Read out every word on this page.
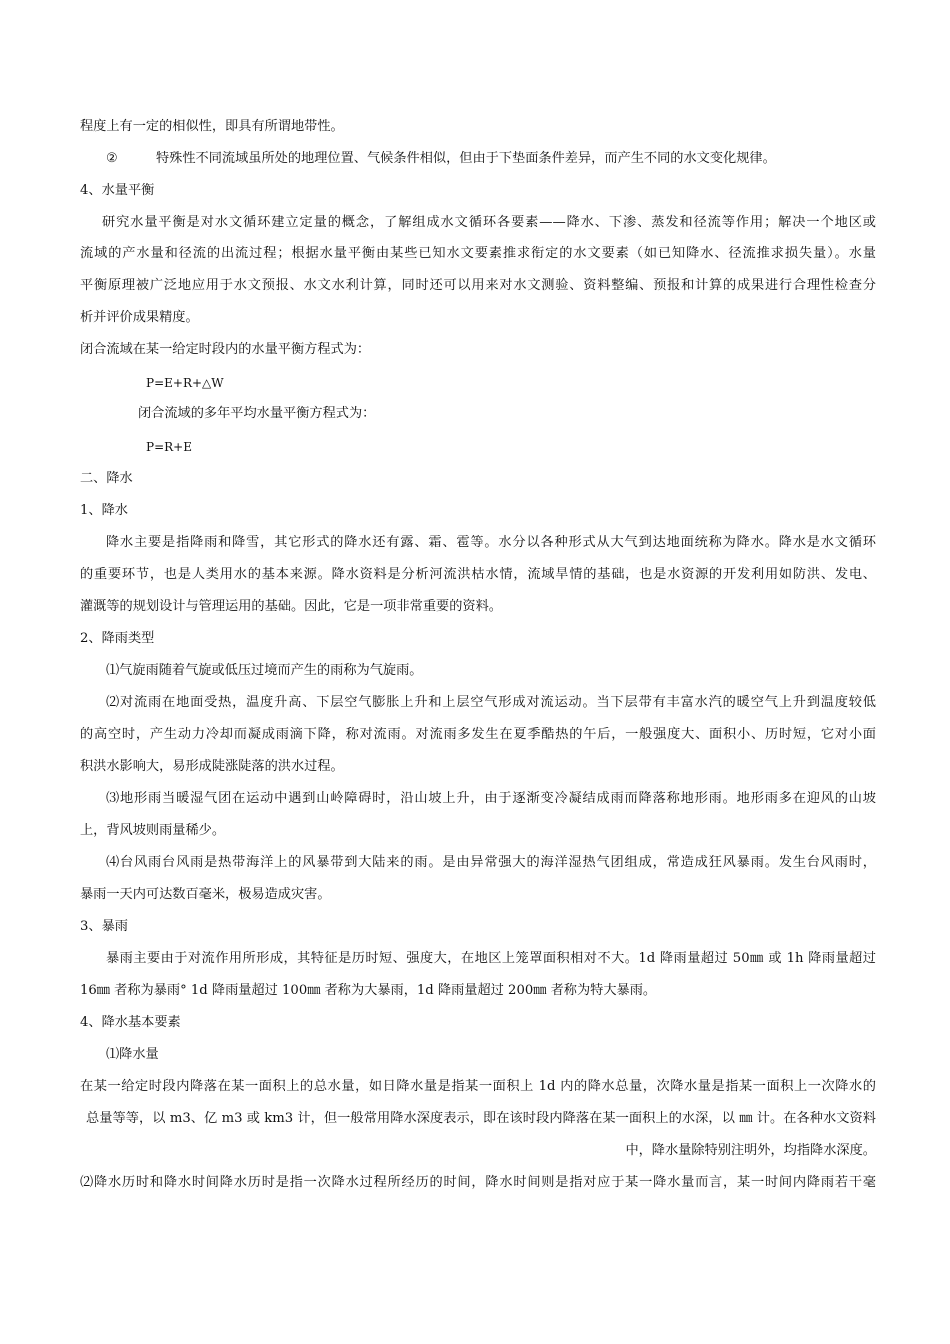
程度上有一定的相似性，即具有所谓地带性。
②	特殊性不同流域虽所处的地理位置、气候条件相似，但由于下垫面条件差异，而产生不同的水文变化规律。
4、水量平衡
研究水量平衡是对水文循环建立定量的概念，了解组成水文循环各要素——降水、下渗、蒸发和径流等作用；解决一个地区或
流域的产水量和径流的出流过程；根据水量平衡由某些已知水文要素推求衔定的水文要素（如已知降水、径流推求损失量）。水量
平衡原理被广泛地应用于水文预报、水文水利计算，同时还可以用来对水文测验、资料整编、预报和计算的成果进行合理性检查分
析并评价成果精度。
闭合流域在某一给定时段内的水量平衡方程式为：
P=E+R+△W
闭合流域的多年平均水量平衡方程式为：
P=R+E
二、降水
1、降水
降水主要是指降雨和降雪，其它形式的降水还有露、霜、雹等。水分以各种形式从大气到达地面统称为降水。降水是水文循环
的重要环节，也是人类用水的基本来源。降水资料是分析河流洪枯水情，流域旱情的基础，也是水资源的开发利用如防洪、发电、
灌溉等的规划设计与管理运用的基础。因此，它是一项非常重要的资料。
2、降雨类型
⑴气旋雨随着气旋或低压过境而产生的雨称为气旋雨。
⑵对流雨在地面受热，温度升高、下层空气膨胀上升和上层空气形成对流运动。当下层带有丰富水汽的暖空气上升到温度较低
的高空时，产生动力冷却而凝成雨滴下降，称对流雨。对流雨多发生在夏季酷热的午后，一般强度大、面积小、历时短，它对小面
积洪水影响大，易形成陡涨陡落的洪水过程。
⑶地形雨当暖湿气团在运动中遇到山岭障碍时，沿山坡上升，由于逐渐变冷凝结成雨而降落称地形雨。地形雨多在迎风的山坡
上，背风坡则雨量稀少。
⑷台风雨台风雨是热带海洋上的风暴带到大陆来的雨。是由异常强大的海洋湿热气团组成，常造成狂风暴雨。发生台风雨时，
暴雨一天内可达数百毫米，极易造成灾害。
3、暴雨
暴雨主要由于对流作用所形成，其特征是历时短、强度大，在地区上笼罩面积相对不大。1d 降雨量超过 50㎜ 或 1h 降雨量超过
16㎜ 者称为暴雨° 1d 降雨量超过 100㎜ 者称为大暴雨，1d 降雨量超过 200㎜ 者称为特大暴雨。
4、降水基本要素
⑴降水量
在某一给定时段内降落在某一面积上的总水量，如日降水量是指某一面积上 1d 内的降水总量，次降水量是指某一面积上一次降水的
总量等等，以 m3、亿 m3 或 km3 计，但一般常用降水深度表示，即在该时段内降落在某一面积上的水深，以 ㎜ 计。在各种水文资料
中，降水量除特别注明外，均指降水深度。
⑵降水历时和降水时间降水历时是指一次降水过程所经历的时间，降水时间则是指对应于某一降水量而言，某一时间内降雨若干毫
